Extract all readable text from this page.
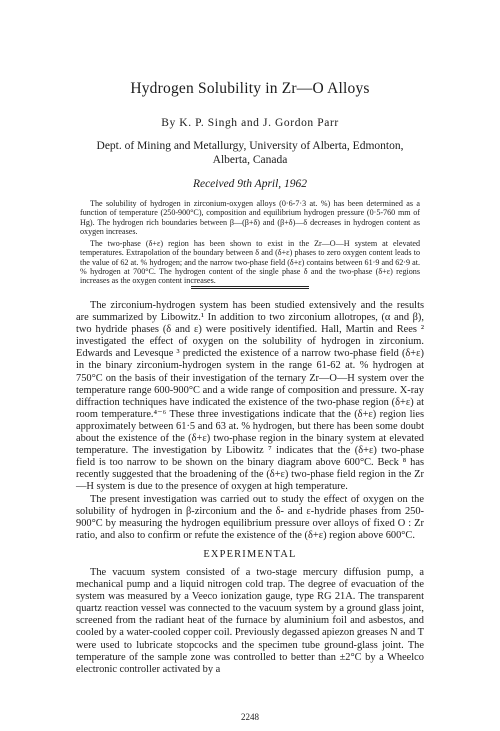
Hydrogen Solubility in Zr—O Alloys
By K. P. Singh and J. Gordon Parr
Dept. of Mining and Metallurgy, University of Alberta, Edmonton,
Alberta, Canada
Received 9th April, 1962

The solubility of hydrogen in zirconium-oxygen alloys (0·6-7·3 at. %) has been determined as a function of temperature (250-900°C), composition and equilibrium hydrogen pressure (0·5-760 mm of Hg). The hydrogen rich boundaries between β—(β+δ) and (β+δ)—δ decreases in hydrogen content as oxygen increases.

The two-phase (δ+ε) region has been shown to exist in the Zr—O—H system at elevated temperatures. Extrapolation of the boundary between δ and (δ+ε) phases to zero oxygen content leads to the value of 62 at. % hydrogen; and the narrow two-phase field (δ+ε) contains between 61·9 and 62·9 at. % hydrogen at 700°C. The hydrogen content of the single phase δ and the two-phase (δ+ε) regions increases as the oxygen content increases.

The zirconium-hydrogen system has been studied extensively and the results are summarized by Libowitz.¹ In addition to two zirconium allotropes, (α and β), two hydride phases (δ and ε) were positively identified. Hall, Martin and Rees ² investigated the effect of oxygen on the solubility of hydrogen in zirconium. Edwards and Levesque ³ predicted the existence of a narrow two-phase field (δ+ε) in the binary zirconium-hydrogen system in the range 61-62 at. % hydrogen at 750°C on the basis of their investigation of the ternary Zr—O—H system over the temperature range 600-900°C and a wide range of composition and pressure. X-ray diffraction techniques have indicated the existence of the two-phase region (δ+ε) at room temperature.⁴⁻⁶ These three investigations indicate that the (δ+ε) region lies approximately between 61·5 and 63 at. % hydrogen, but there has been some doubt about the existence of the (δ+ε) two-phase region in the binary system at elevated temperature. The investigation by Libowitz ⁷ indicates that the (δ+ε) two-phase field is too narrow to be shown on the binary diagram above 600°C. Beck ⁸ has recently suggested that the broadening of the (δ+ε) two-phase field region in the Zr—H system is due to the presence of oxygen at high temperature.

The present investigation was carried out to study the effect of oxygen on the solubility of hydrogen in β-zirconium and the δ- and ε-hydride phases from 250-900°C by measuring the hydrogen equilibrium pressure over alloys of fixed O : Zr ratio, and also to confirm or refute the existence of the (δ+ε) region above 600°C.

EXPERIMENTAL

The vacuum system consisted of a two-stage mercury diffusion pump, a mechanical pump and a liquid nitrogen cold trap. The degree of evacuation of the system was measured by a Veeco ionization gauge, type RG 21A. The transparent quartz reaction vessel was connected to the vacuum system by a ground glass joint, screened from the radiant heat of the furnace by aluminium foil and asbestos, and cooled by a water-cooled copper coil. Previously degassed apiezon greases N and T were used to lubricate stopcocks and the specimen tube ground-glass joint. The temperature of the sample zone was controlled to better than ±2°C by a Wheelco electronic controller activated by a

2248
